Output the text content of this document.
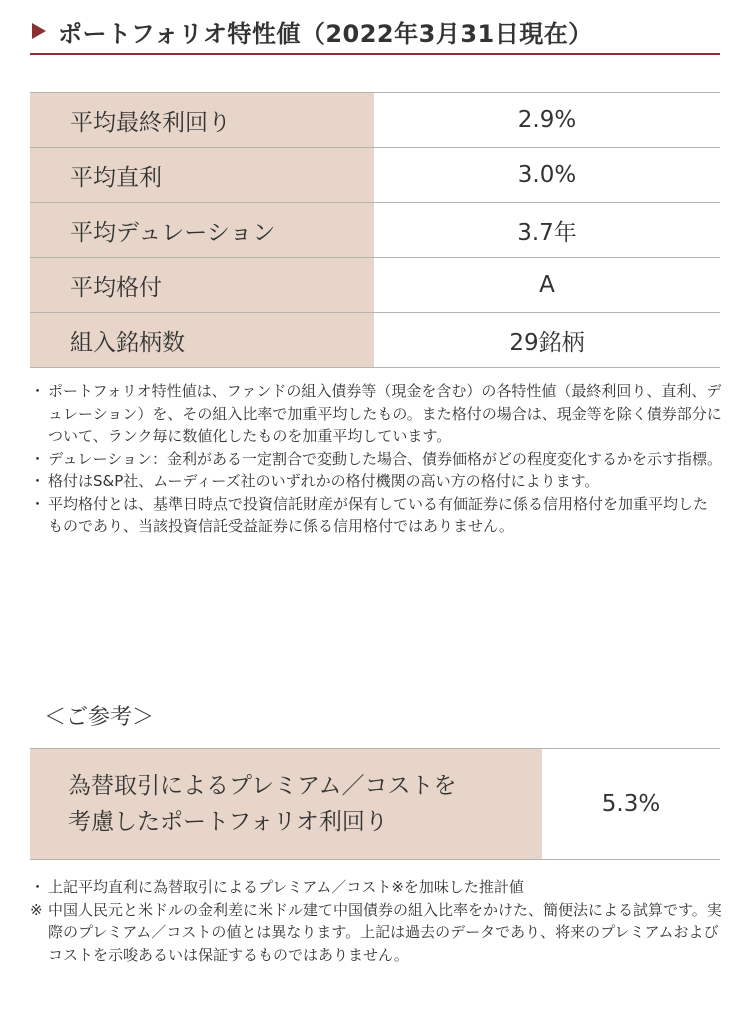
ポートフォリオ特性値（2022年3月31日現在）
平均最終利回り	2.9%
平均直利	3.0%
平均デュレーション	3.7年
平均格付	A
組入銘柄数	29銘柄
・ ポートフォリオ特性値は、ファンドの組入債券等（現金を含む）の各特性値（最終利回り、直利、デュレーション）を、その組入比率で加重平均したもの。また格付の場合は、現金等を除く債券部分について、ランク毎に数値化したものを加重平均しています。
・ デュレーション：金利がある一定割合で変動した場合、債券価格がどの程度変化するかを示す指標。
・ 格付はS&P社、ムーディーズ社のいずれかの格付機関の高い方の格付によります。
・ 平均格付とは、基準日時点で投資信託財産が保有している有価証券に係る信用格付を加重平均したものであり、当該投資信託受益証券に係る信用格付ではありません。
＜ご参考＞
為替取引によるプレミアム／コストを
考慮したポートフォリオ利回り
	5.3%
・ 上記平均直利に為替取引によるプレミアム／コスト※を加味した推計値
※ 中国人民元と米ドルの金利差に米ドル建て中国債券の組入比率をかけた、簡便法による試算です。実際のプレミアム／コストの値とは異なります。上記は過去のデータであり、将来のプレミアムおよびコストを示唆あるいは保証するものではありません。
